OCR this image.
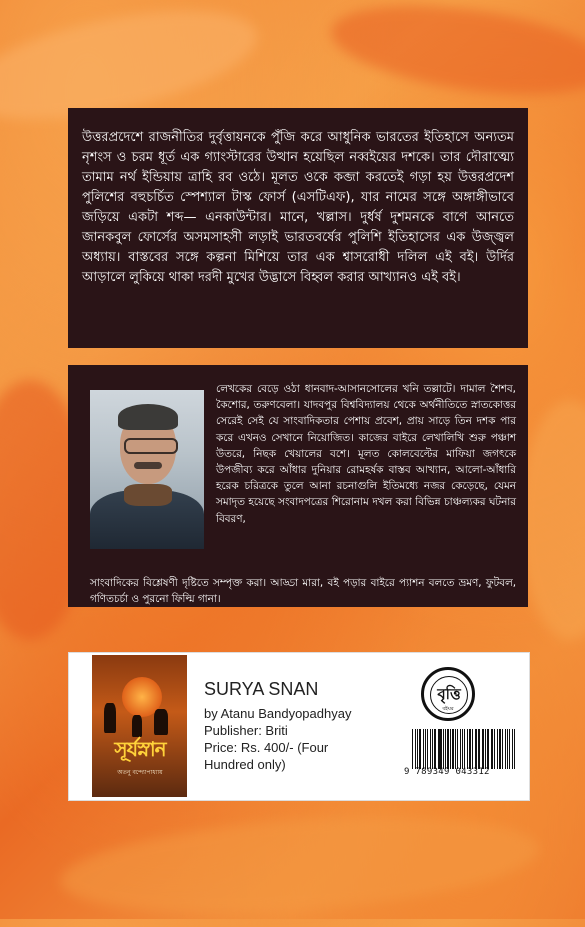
উত্তরপ্রদেশে রাজনীতির দুর্বৃত্তায়নকে পুঁজি করে আধুনিক ভারতের ইতিহাসে অন্যতম নৃশংস ও চরম ধূর্ত এক গ্যাংস্টারের উত্থান হয়েছিল নব্বইয়ের দশকে। তার দৌরাত্ম্যে তামাম নর্থ ইন্ডিয়ায় ত্রাহি রব ওঠে। মূলত ওকে কব্জা করতেই গড়া হয় উত্তরপ্রদেশ পুলিশের বহুচর্চিত স্পেশ্যাল টাস্ক ফোর্স (এসটিএফ), যার নামের সঙ্গে অঙ্গাঙ্গীভাবে জড়িয়ে একটা শব্দ— এনকাউন্টার। মানে, খল্লাস। দুর্ধর্ষ দুশমনকে বাগে আনতে জানকবুল ফোর্সের অসমসাহসী লড়াই ভারতবর্ষের পুলিশি ইতিহাসের এক উজ্জ্বল অধ্যায়। বাস্তবের সঙ্গে কল্পনা মিশিয়ে তার এক শ্বাসরোধী দলিল এই বই। উর্দির আড়ালে লুকিয়ে থাকা দরদী মুখের উদ্ভাসে বিহ্বল করার আখ্যানও এই বই।

লেখকের বেড়ে ওঠা ধানবাদ-আসানসোলের খনি তল্লাটে। দামাল শৈশব, কৈশোর, তরুণবেলা। যাদবপুর বিশ্ববিদ্যালয় থেকে অর্থনীতিতে স্নাতকোত্তর সেরেই সেই যে সাংবাদিকতার পেশায় প্রবেশ, প্রায় সাড়ে তিন দশক পার করে এখনও সেখানে নিয়োজিত। কাজের বাইরে লেখালিখি শুরু পঞ্চাশ উতরে, নিছক খেয়ালের বশে। মূলত কোলবেল্টের মাফিয়া জগৎকে উপজীব্য করে আঁধার দুনিয়ার রোমহর্ষক বাস্তব আখ্যান, আলো-আঁধারি হরেক চরিত্রকে তুলে আনা রচনাগুলি ইতিমধ্যে নজর কেড়েছে, যেমন সমাদৃত হয়েছে সংবাদপত্রের শিরোনাম দখল করা বিভিন্ন চাঞ্চল্যকর ঘটনার বিবরণ,

সাংবাদিকের বিশ্লেষণী দৃষ্টিতে সম্পৃক্ত করা। আড্ডা মারা, বই পড়ার বাইরে প্যাশন বলতে ভ্রমণ, ফুটবল, গণিতচর্চা ও পুরনো ফিল্মি গানা।

সূর্যস্নান
অতনু বন্দ্যোপাধ্যায়
SURYA SNAN

by Atanu Bandyopadhyay

Publisher: Briti

Price: Rs. 400/- (Four Hundred only)

বৃত্তি
বইঘর
9 789349 043312
